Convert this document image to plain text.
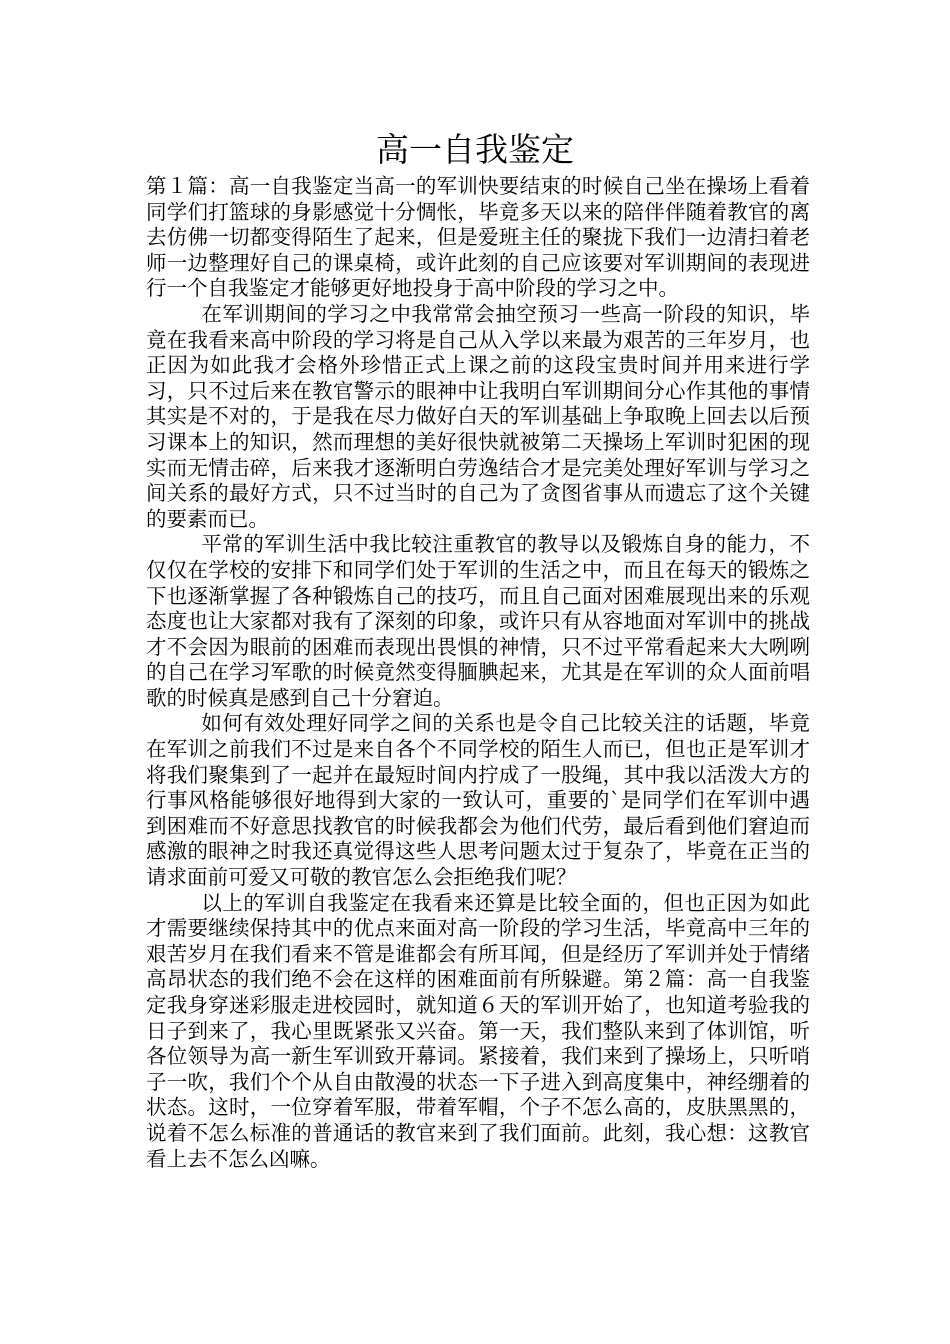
高一自我鉴定

第１篇：高一自我鉴定当高一的军训快要结束的时候自己坐在操场上看着同学们打篮球的身影感觉十分惆怅，毕竟多天以来的陪伴伴随着教官的离去仿佛一切都变得陌生了起来，但是爱班主任的聚拢下我们一边清扫着老师一边整理好自己的课桌椅，或许此刻的自己应该要对军训期间的表现进行一个自我鉴定才能够更好地投身于高中阶段的学习之中。

在军训期间的学习之中我常常会抽空预习一些高一阶段的知识，毕竟在我看来高中阶段的学习将是自己从入学以来最为艰苦的三年岁月，也正因为如此我才会格外珍惜正式上课之前的这段宝贵时间并用来进行学习，只不过后来在教官警示的眼神中让我明白军训期间分心作其他的事情其实是不对的，于是我在尽力做好白天的军训基础上争取晚上回去以后预习课本上的知识，然而理想的美好很快就被第二天操场上军训时犯困的现实而无情击碎，后来我才逐渐明白劳逸结合才是完美处理好军训与学习之间关系的最好方式，只不过当时的自己为了贪图省事从而遗忘了这个关键的要素而已。

平常的军训生活中我比较注重教官的教导以及锻炼自身的能力，不仅仅在学校的安排下和同学们处于军训的生活之中，而且在每天的锻炼之下也逐渐掌握了各种锻炼自己的技巧，而且自己面对困难展现出来的乐观态度也让大家都对我有了深刻的印象，或许只有从容地面对军训中的挑战才不会因为眼前的困难而表现出畏惧的神情，只不过平常看起来大大咧咧的自己在学习军歌的时候竟然变得腼腆起来，尤其是在军训的众人面前唱歌的时候真是感到自己十分窘迫。

如何有效处理好同学之间的关系也是令自己比较关注的话题，毕竟在军训之前我们不过是来自各个不同学校的陌生人而已，但也正是军训才将我们聚集到了一起并在最短时间内拧成了一股绳，其中我以活泼大方的行事风格能够很好地得到大家的一致认可，重要的`是同学们在军训中遇到困难而不好意思找教官的时候我都会为他们代劳，最后看到他们窘迫而感激的眼神之时我还真觉得这些人思考问题太过于复杂了，毕竟在正当的请求面前可爱又可敬的教官怎么会拒绝我们呢？

以上的军训自我鉴定在我看来还算是比较全面的，但也正因为如此才需要继续保持其中的优点来面对高一阶段的学习生活，毕竟高中三年的艰苦岁月在我们看来不管是谁都会有所耳闻，但是经历了军训并处于情绪高昂状态的我们绝不会在这样的困难面前有所躲避。第２篇：高一自我鉴定我身穿迷彩服走进校园时，就知道６天的军训开始了，也知道考验我的日子到来了，我心里既紧张又兴奋。第一天，我们整队来到了体训馆，听各位领导为高一新生军训致开幕词。紧接着，我们来到了操场上，只听哨子一吹，我们个个从自由散漫的状态一下子进入到高度集中，神经绷着的状态。这时，一位穿着军服，带着军帽，个子不怎么高的，皮肤黑黑的，说着不怎么标准的普通话的教官来到了我们面前。此刻，我心想：这教官看上去不怎么凶嘛。
